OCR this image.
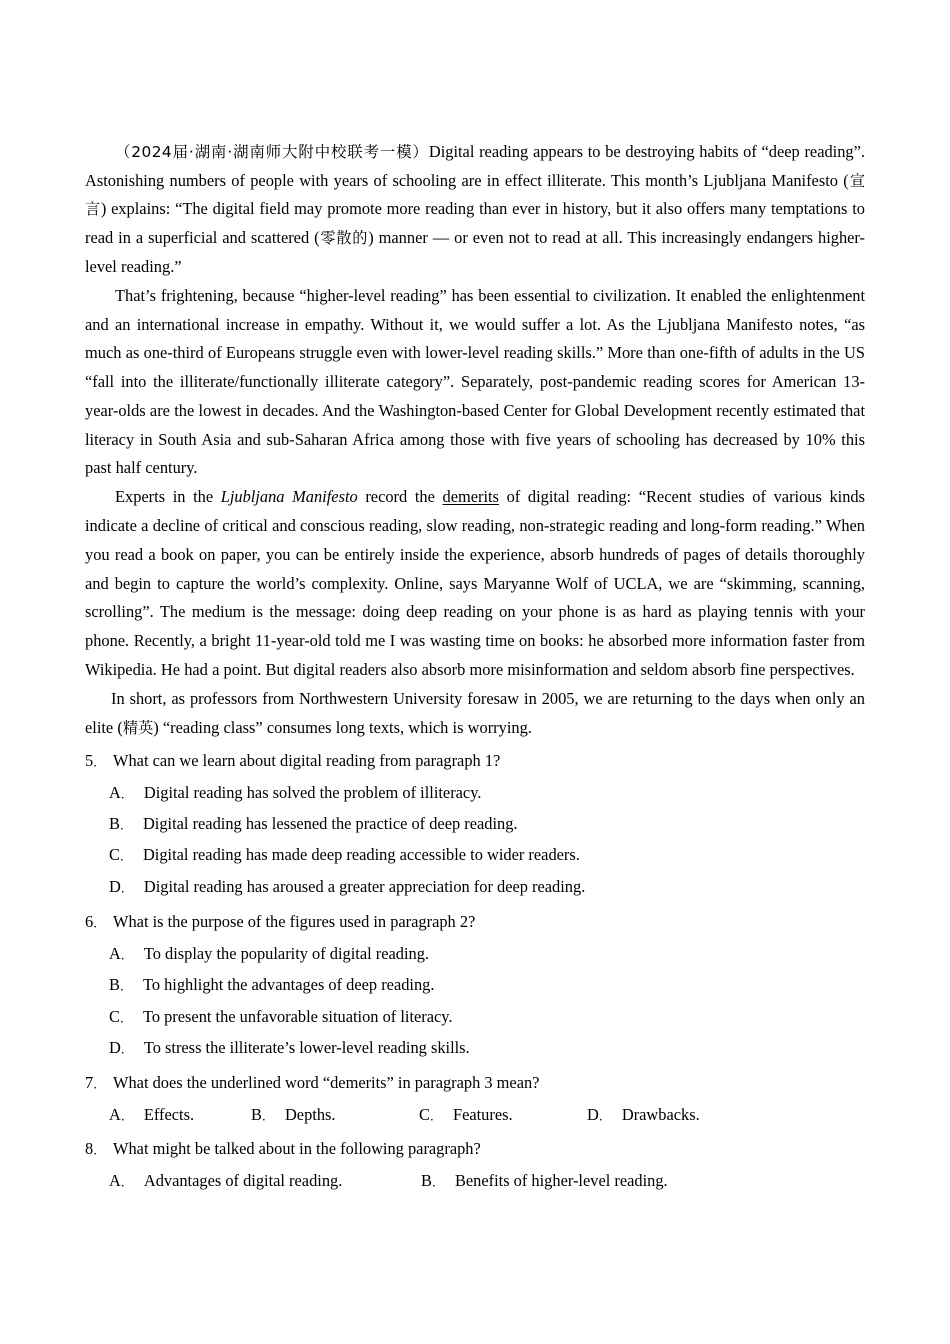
（2024届·湖南·湖南师大附中校联考一模）Digital reading appears to be destroying habits of “deep reading”. Astonishing numbers of people with years of schooling are in effect illiterate. This month’s Ljubljana Manifesto (宣言) explains: “The digital field may promote more reading than ever in history, but it also offers many temptations to read in a superficial and scattered (零散的) manner — or even not to read at all. This increasingly endangers higher-level reading.”

That’s frightening, because “higher-level reading” has been essential to civilization. It enabled the enlightenment and an international increase in empathy. Without it, we would suffer a lot. As the Ljubljana Manifesto notes, “as much as one-third of Europeans struggle even with lower-level reading skills.” More than one-fifth of adults in the US “fall into the illiterate/functionally illiterate category”. Separately, post-pandemic reading scores for American 13-year-olds are the lowest in decades. And the Washington-based Center for Global Development recently estimated that literacy in South Asia and sub-Saharan Africa among those with five years of schooling has decreased by 10% this past half century.

Experts in the Ljubljana Manifesto record the demerits of digital reading: “Recent studies of various kinds indicate a decline of critical and conscious reading, slow reading, non-strategic reading and long-form reading.” When you read a book on paper, you can be entirely inside the experience, absorb hundreds of pages of details thoroughly and begin to capture the world’s complexity. Online, says Maryanne Wolf of UCLA, we are “skimming, scanning, scrolling”. The medium is the message: doing deep reading on your phone is as hard as playing tennis with your phone. Recently, a bright 11-year-old told me I was wasting time on books: he absorbed more information faster from Wikipedia. He had a point. But digital readers also absorb more misinformation and seldom absorb fine perspectives.

In short, as professors from Northwestern University foresaw in 2005, we are returning to the days when only an elite (精英) “reading class” consumes long texts, which is worrying.

5． What can we learn about digital reading from paragraph 1?

A． Digital reading has solved the problem of illiteracy.
B． Digital reading has lessened the practice of deep reading.
C． Digital reading has made deep reading accessible to wider readers.
D． Digital reading has aroused a greater appreciation for deep reading.

6． What is the purpose of the figures used in paragraph 2?

A． To display the popularity of digital reading.
B． To highlight the advantages of deep reading.
C． To present the unfavorable situation of literacy.
D． To stress the illiterate’s lower-level reading skills.

7． What does the underlined word “demerits” in paragraph 3 mean?

A． Effects.	B． Depths.	C． Features.	D． Drawbacks.

8． What might be talked about in the following paragraph?

A． Advantages of digital reading.	B． Benefits of higher-level reading.
